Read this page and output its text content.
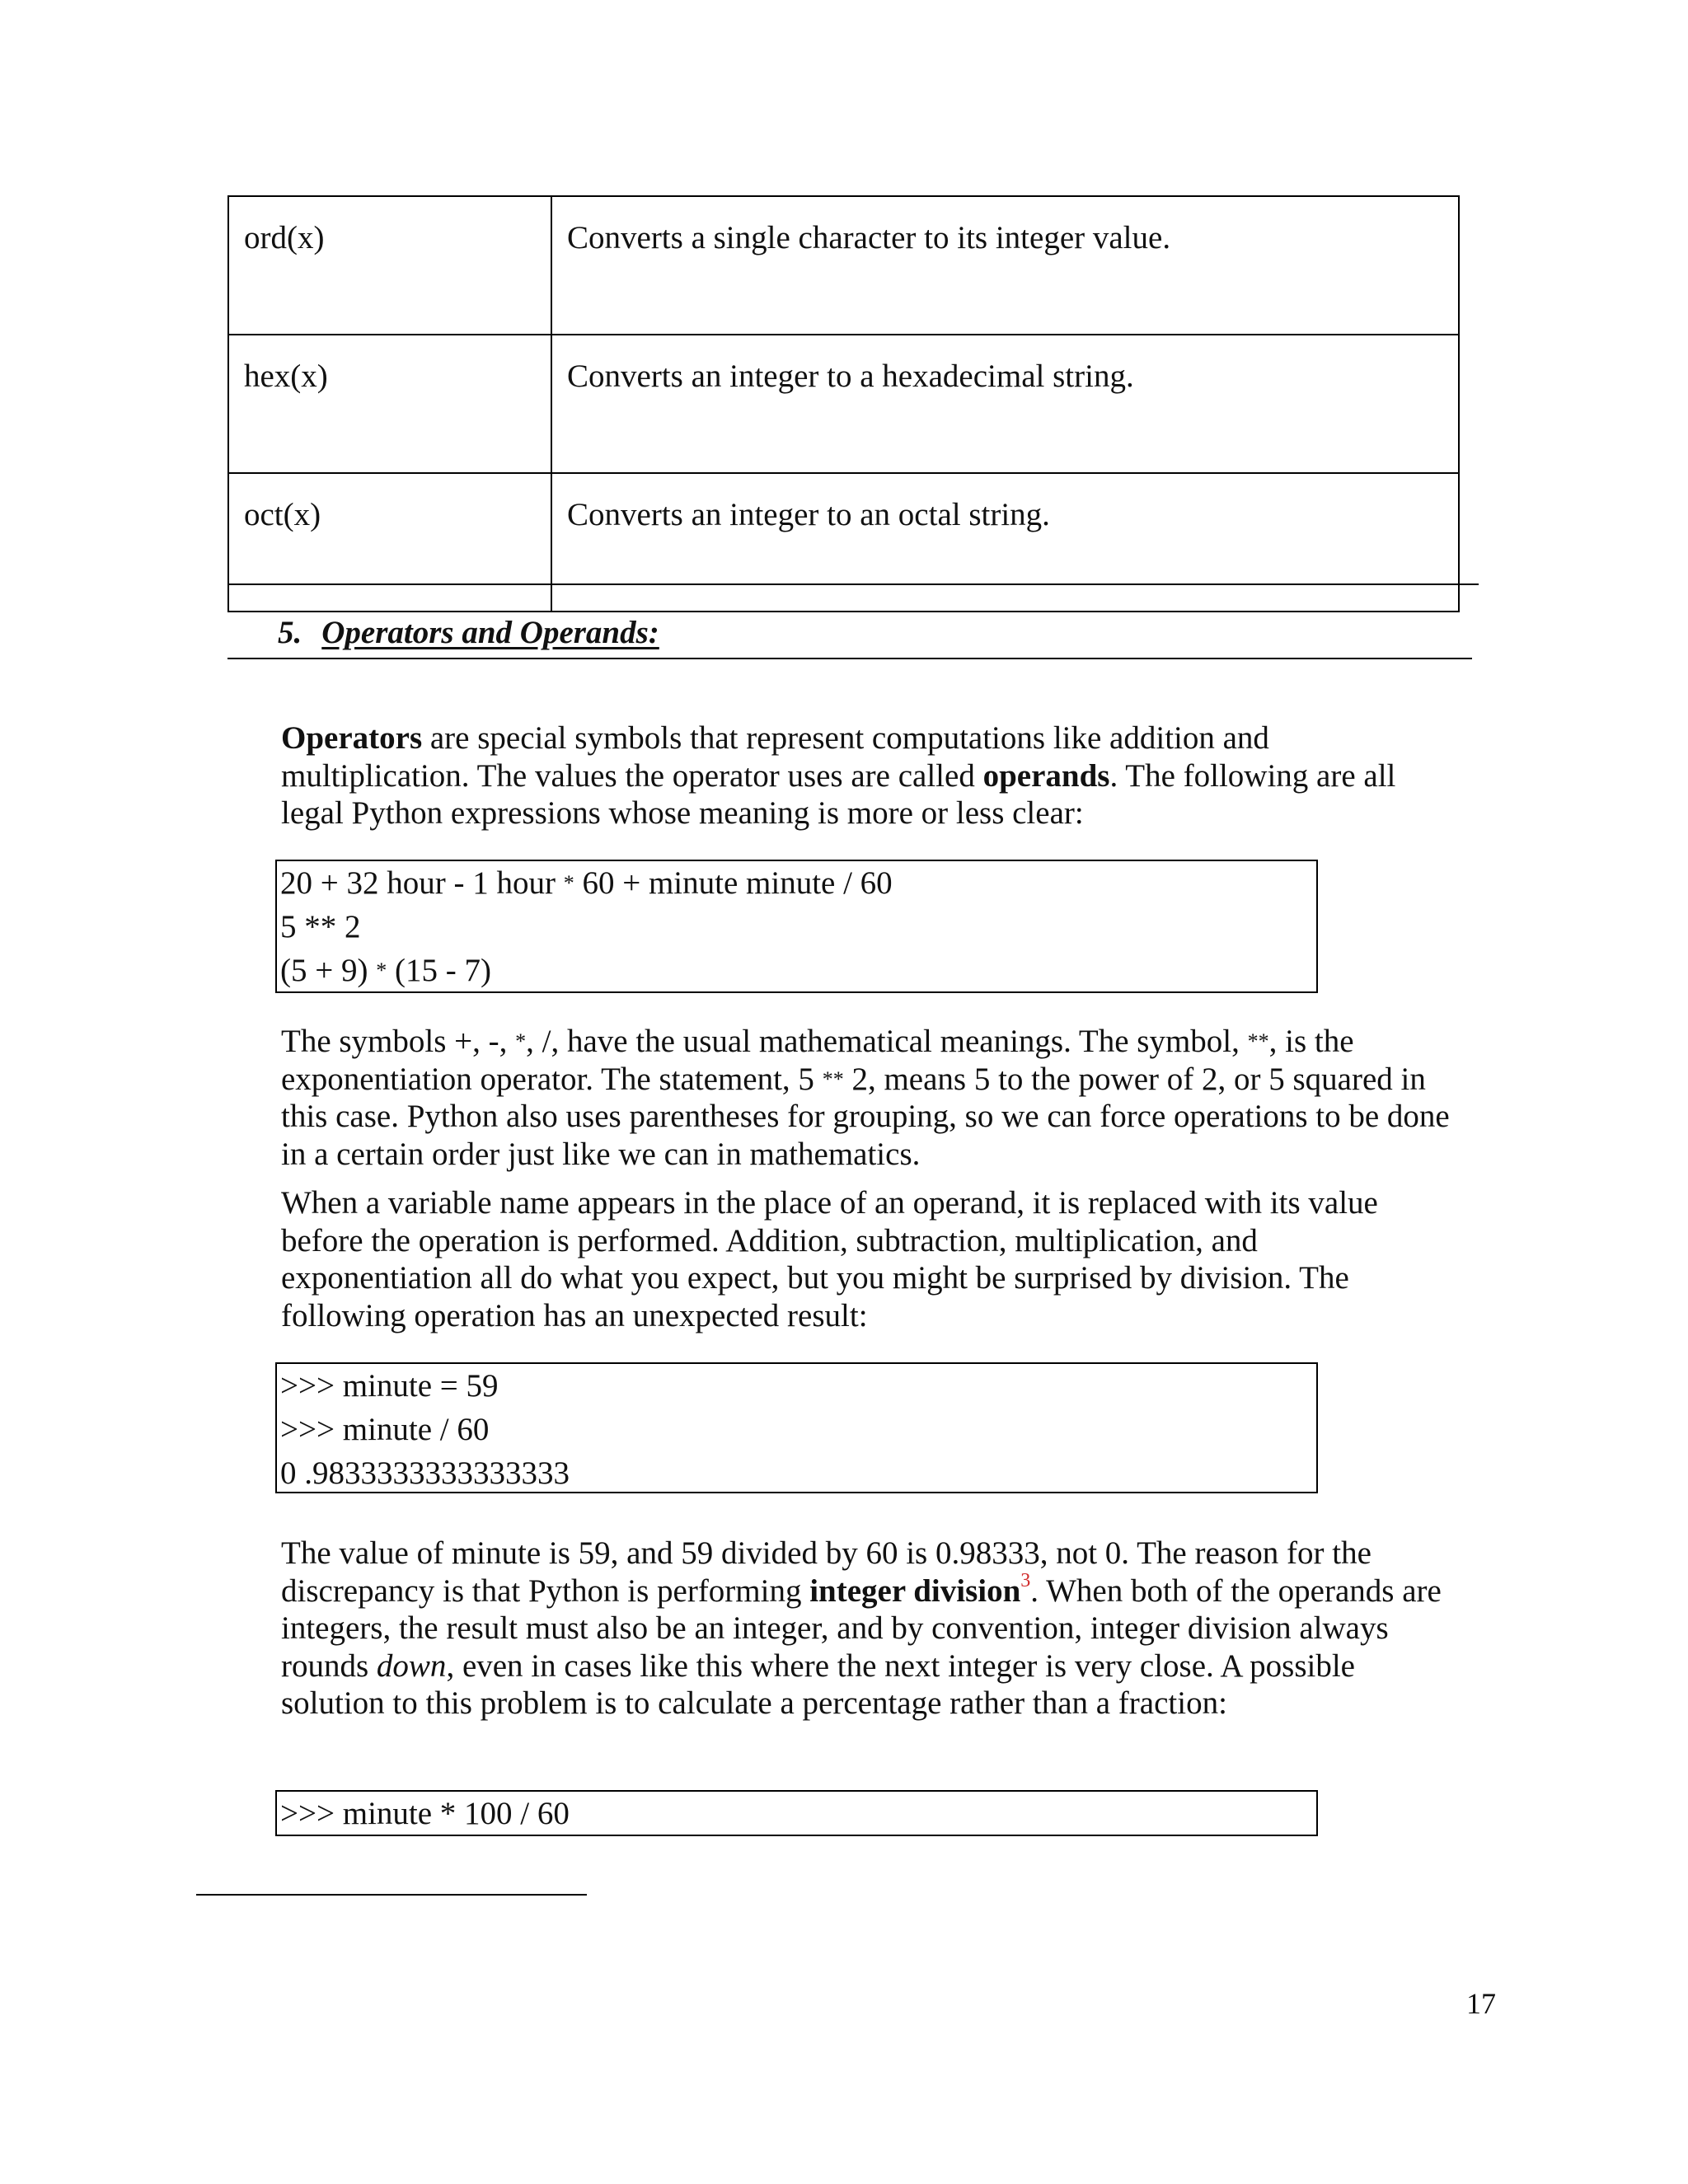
ord(x)	Converts a single character to its integer value.
hex(x)	Converts an integer to a hexadecimal string.
oct(x)	Converts an integer to an octal string.
5. Operators and Operands:

Operators are special symbols that represent computations like addition and multiplication. The values the operator uses are called operands. The following are all legal Python expressions whose meaning is more or less clear:

20 + 32 hour - 1 hour * 60 + minute minute / 60
5 ** 2
(5 + 9) * (15 - 7)

The symbols +, -, *, /, have the usual mathematical meanings. The symbol, **, is the exponentiation operator. The statement, 5 ** 2, means 5 to the power of 2, or 5 squared in this case. Python also uses parentheses for grouping, so we can force operations to be done in a certain order just like we can in mathematics.

When a variable name appears in the place of an operand, it is replaced with its value before the operation is performed. Addition, subtraction, multiplication, and exponentiation all do what you expect, but you might be surprised by division. The following operation has an unexpected result:

>>> minute = 59
>>> minute / 60
0 .9833333333333333

The value of minute is 59, and 59 divided by 60 is 0.98333, not 0. The reason for the discrepancy is that Python is performing integer division$^3$. When both of the operands are integers, the result must also be an integer, and by convention, integer division always rounds down, even in cases like this where the next integer is very close. A possible solution to this problem is to calculate a percentage rather than a fraction:

>>> minute * 100 / 60
17
